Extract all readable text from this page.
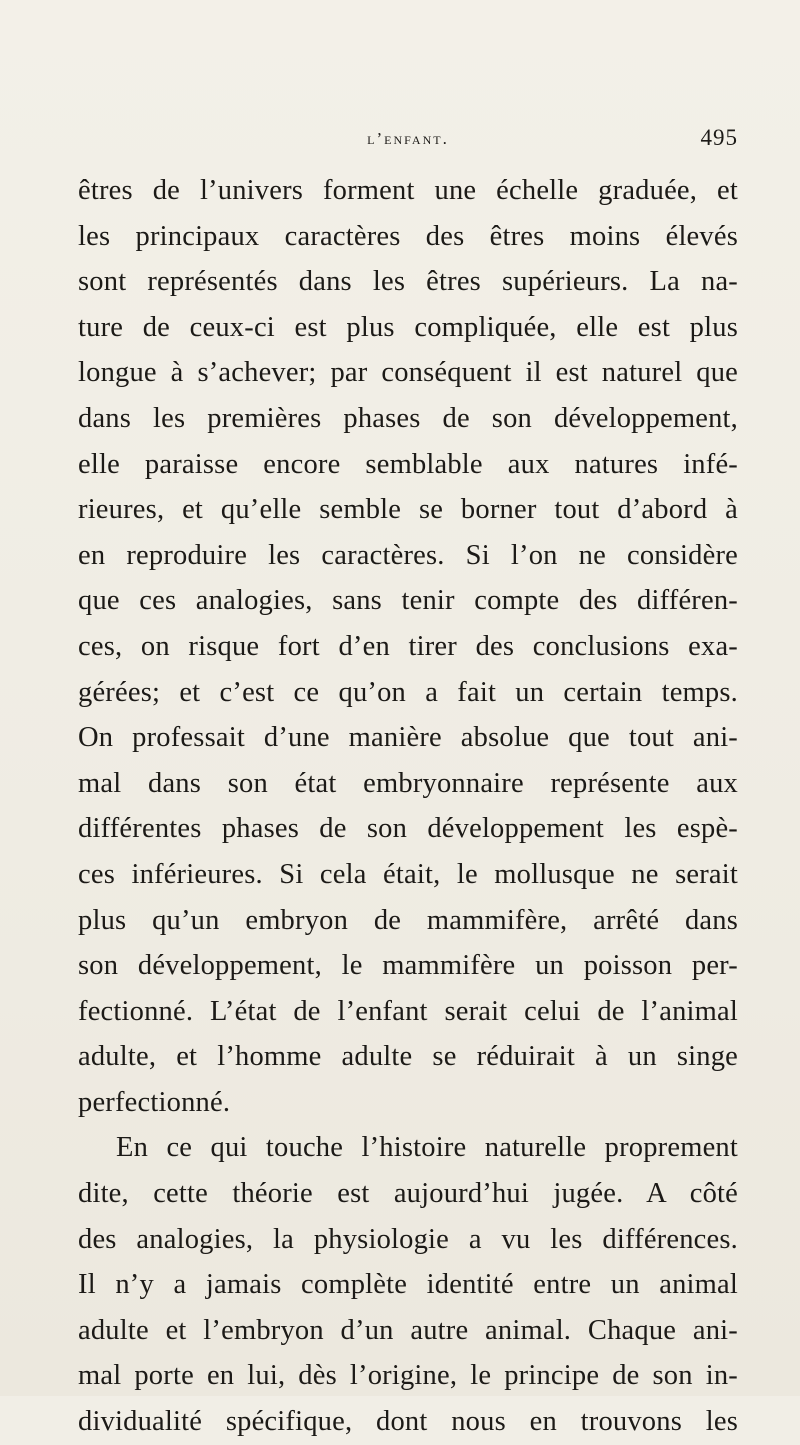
l’enfant.	495
êtres de l’univers forment une échelle graduée, et
les principaux caractères des êtres moins élevés
sont représentés dans les êtres supérieurs. La na-
ture de ceux-ci est plus compliquée, elle est plus
longue à s’achever; par conséquent il est naturel que
dans les premières phases de son développement,
elle paraisse encore semblable aux natures infé-
rieures, et qu’elle semble se borner tout d’abord à
en reproduire les caractères. Si l’on ne considère
que ces analogies, sans tenir compte des différen-
ces, on risque fort d’en tirer des conclusions exa-
gérées; et c’est ce qu’on a fait un certain temps.
On professait d’une manière absolue que tout ani-
mal dans son état embryonnaire représente aux
différentes phases de son développement les espè-
ces inférieures. Si cela était, le mollusque ne serait
plus qu’un embryon de mammifère, arrêté dans
son développement, le mammifère un poisson per-
fectionné. L’état de l’enfant serait celui de l’animal
adulte, et l’homme adulte se réduirait à un singe
perfectionné.
En ce qui touche l’histoire naturelle proprement
dite, cette théorie est aujourd’hui jugée. A côté
des analogies, la physiologie a vu les différences.
Il n’y a jamais complète identité entre un animal
adulte et l’embryon d’un autre animal. Chaque ani-
mal porte en lui, dès l’origine, le principe de son in-
dividualité spécifique, dont nous en trouvons les
